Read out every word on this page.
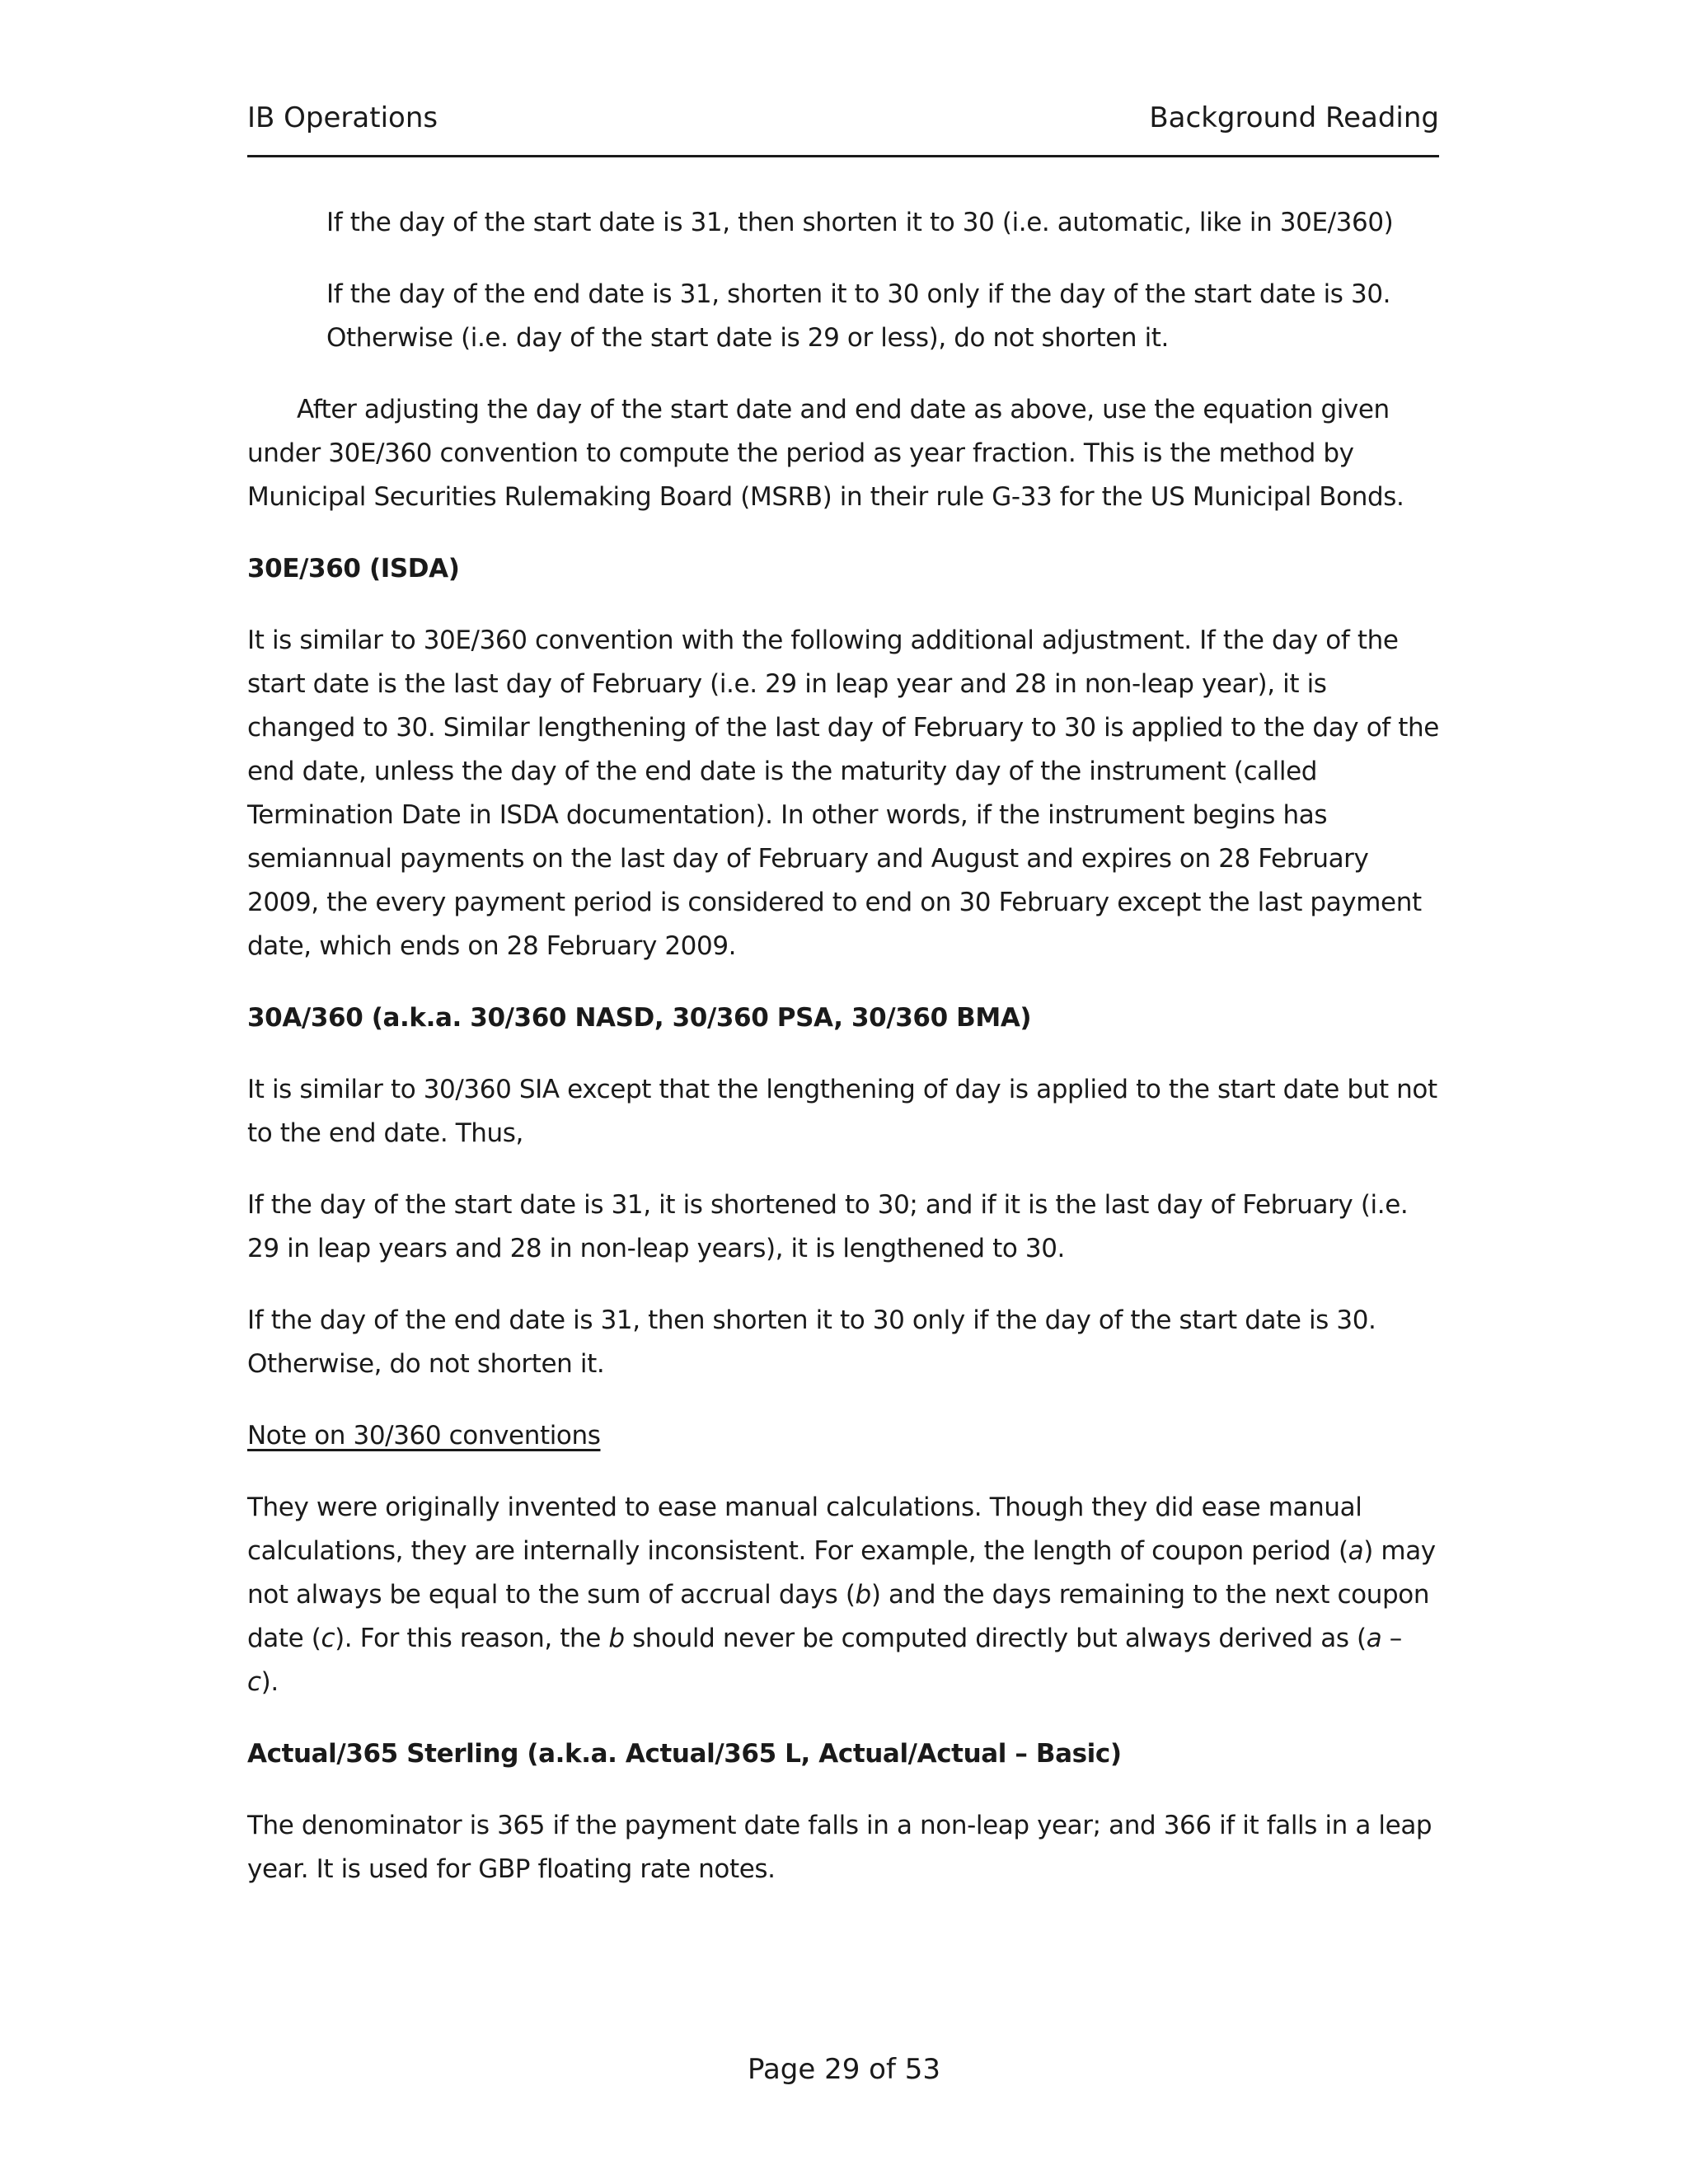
IB Operations	Background Reading

If the day of the start date is 31, then shorten it to 30 (i.e. automatic, like in 30E/360)

If the day of the end date is 31, shorten it to 30 only if the day of the start date is 30. Otherwise (i.e. day of the start date is 29 or less), do not shorten it.

After adjusting the day of the start date and end date as above, use the equation given under 30E/360 convention to compute the period as year fraction. This is the method by Municipal Securities Rulemaking Board (MSRB) in their rule G-33 for the US Municipal Bonds.

30E/360 (ISDA)

It is similar to 30E/360 convention with the following additional adjustment. If the day of the start date is the last day of February (i.e. 29 in leap year and 28 in non-leap year), it is changed to 30. Similar lengthening of the last day of February to 30 is applied to the day of the end date, unless the day of the end date is the maturity day of the instrument (called Termination Date in ISDA documentation). In other words, if the instrument begins has semiannual payments on the last day of February and August and expires on 28 February 2009, the every payment period is considered to end on 30 February except the last payment date, which ends on 28 February 2009.

30A/360 (a.k.a. 30/360 NASD, 30/360 PSA, 30/360 BMA)

It is similar to 30/360 SIA except that the lengthening of day is applied to the start date but not to the end date. Thus,

If the day of the start date is 31, it is shortened to 30; and if it is the last day of February (i.e. 29 in leap years and 28 in non-leap years), it is lengthened to 30.

If the day of the end date is 31, then shorten it to 30 only if the day of the start date is 30. Otherwise, do not shorten it.

Note on 30/360 conventions

They were originally invented to ease manual calculations. Though they did ease manual calculations, they are internally inconsistent. For example, the length of coupon period (a) may not always be equal to the sum of accrual days (b) and the days remaining to the next coupon date (c). For this reason, the b should never be computed directly but always derived as (a – c).

Actual/365 Sterling (a.k.a. Actual/365 L, Actual/Actual – Basic)

The denominator is 365 if the payment date falls in a non-leap year; and 366 if it falls in a leap year. It is used for GBP floating rate notes.

Page 29 of 53
